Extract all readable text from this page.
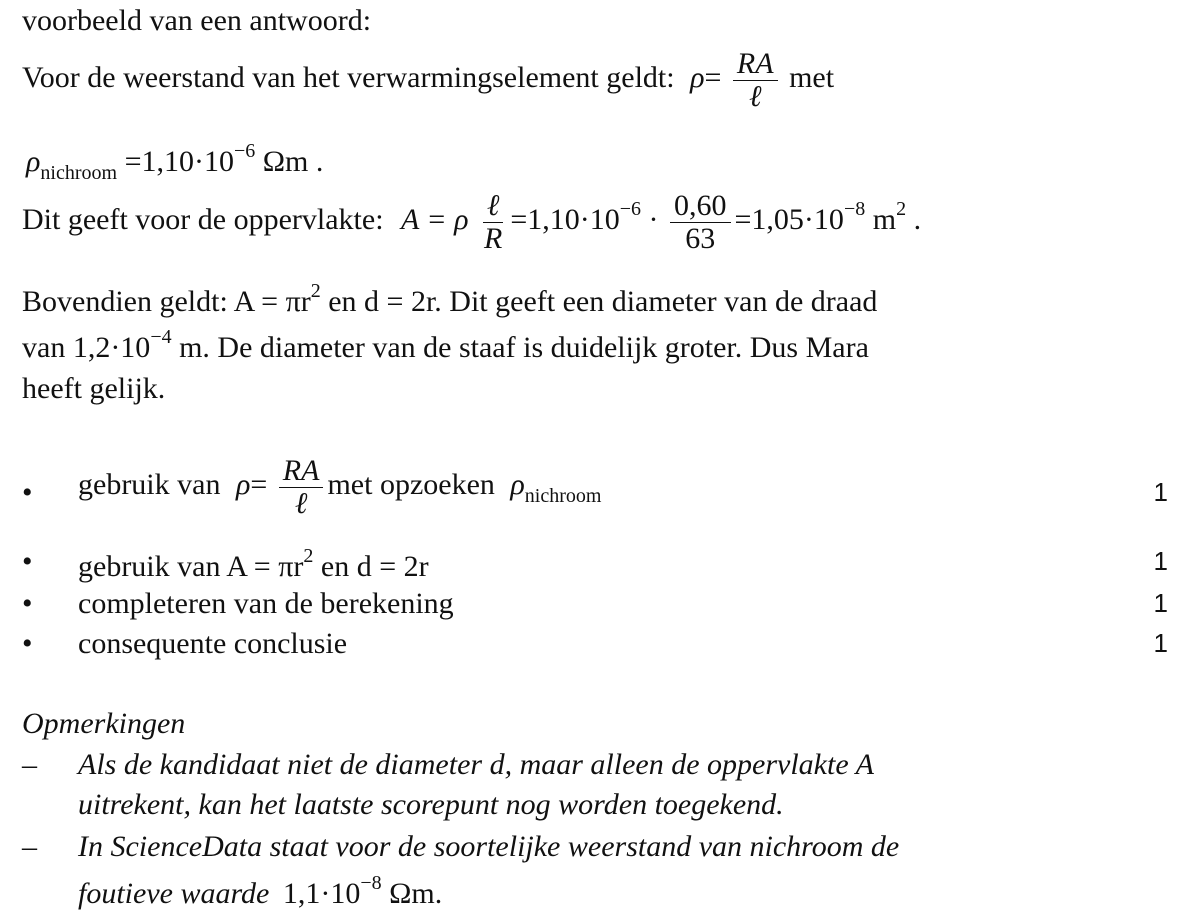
voorbeeld van een antwoord:
Voor de weerstand van het verwarmingselement geldt: $\rho= \frac{RA}{\text{ℓ}}$ met
$\rho_{nichroom} =1,10\cdot 10^{-6}$ Ωm .
Dit geeft voor de oppervlakte: A = ρ $\frac{\text{ℓ}}{R} =1,10\cdot 10^{-6} \cdot \frac{0,60}{63} =1,05\cdot 10^{-8}$ $m^2$ .
Bovendien geldt: $A = \pi r^2$ en d = 2r. Dit geeft een diameter van de draad
van $1,2\cdot 10^{-4}$ m. De diameter van de staaf is duidelijk groter. Dus Mara
heeft gelijk.
• gebruik van $\rho= \frac{RA}{\text{ℓ}}$ met opzoeken $\rho_{nichroom}$	1
• gebruik van $A = \pi r^2$ en d = 2r	1
• completeren van de berekening	1
• consequente conclusie	1
Opmerkingen
– Als de kandidaat niet de diameter d, maar alleen de oppervlakte A
uitrekent, kan het laatste scorepunt nog worden toegekend.
– In ScienceData staat voor de soortelijke weerstand van nichroom de
foutieve waarde $1,1\cdot 10^{-8}$ Ωm.
